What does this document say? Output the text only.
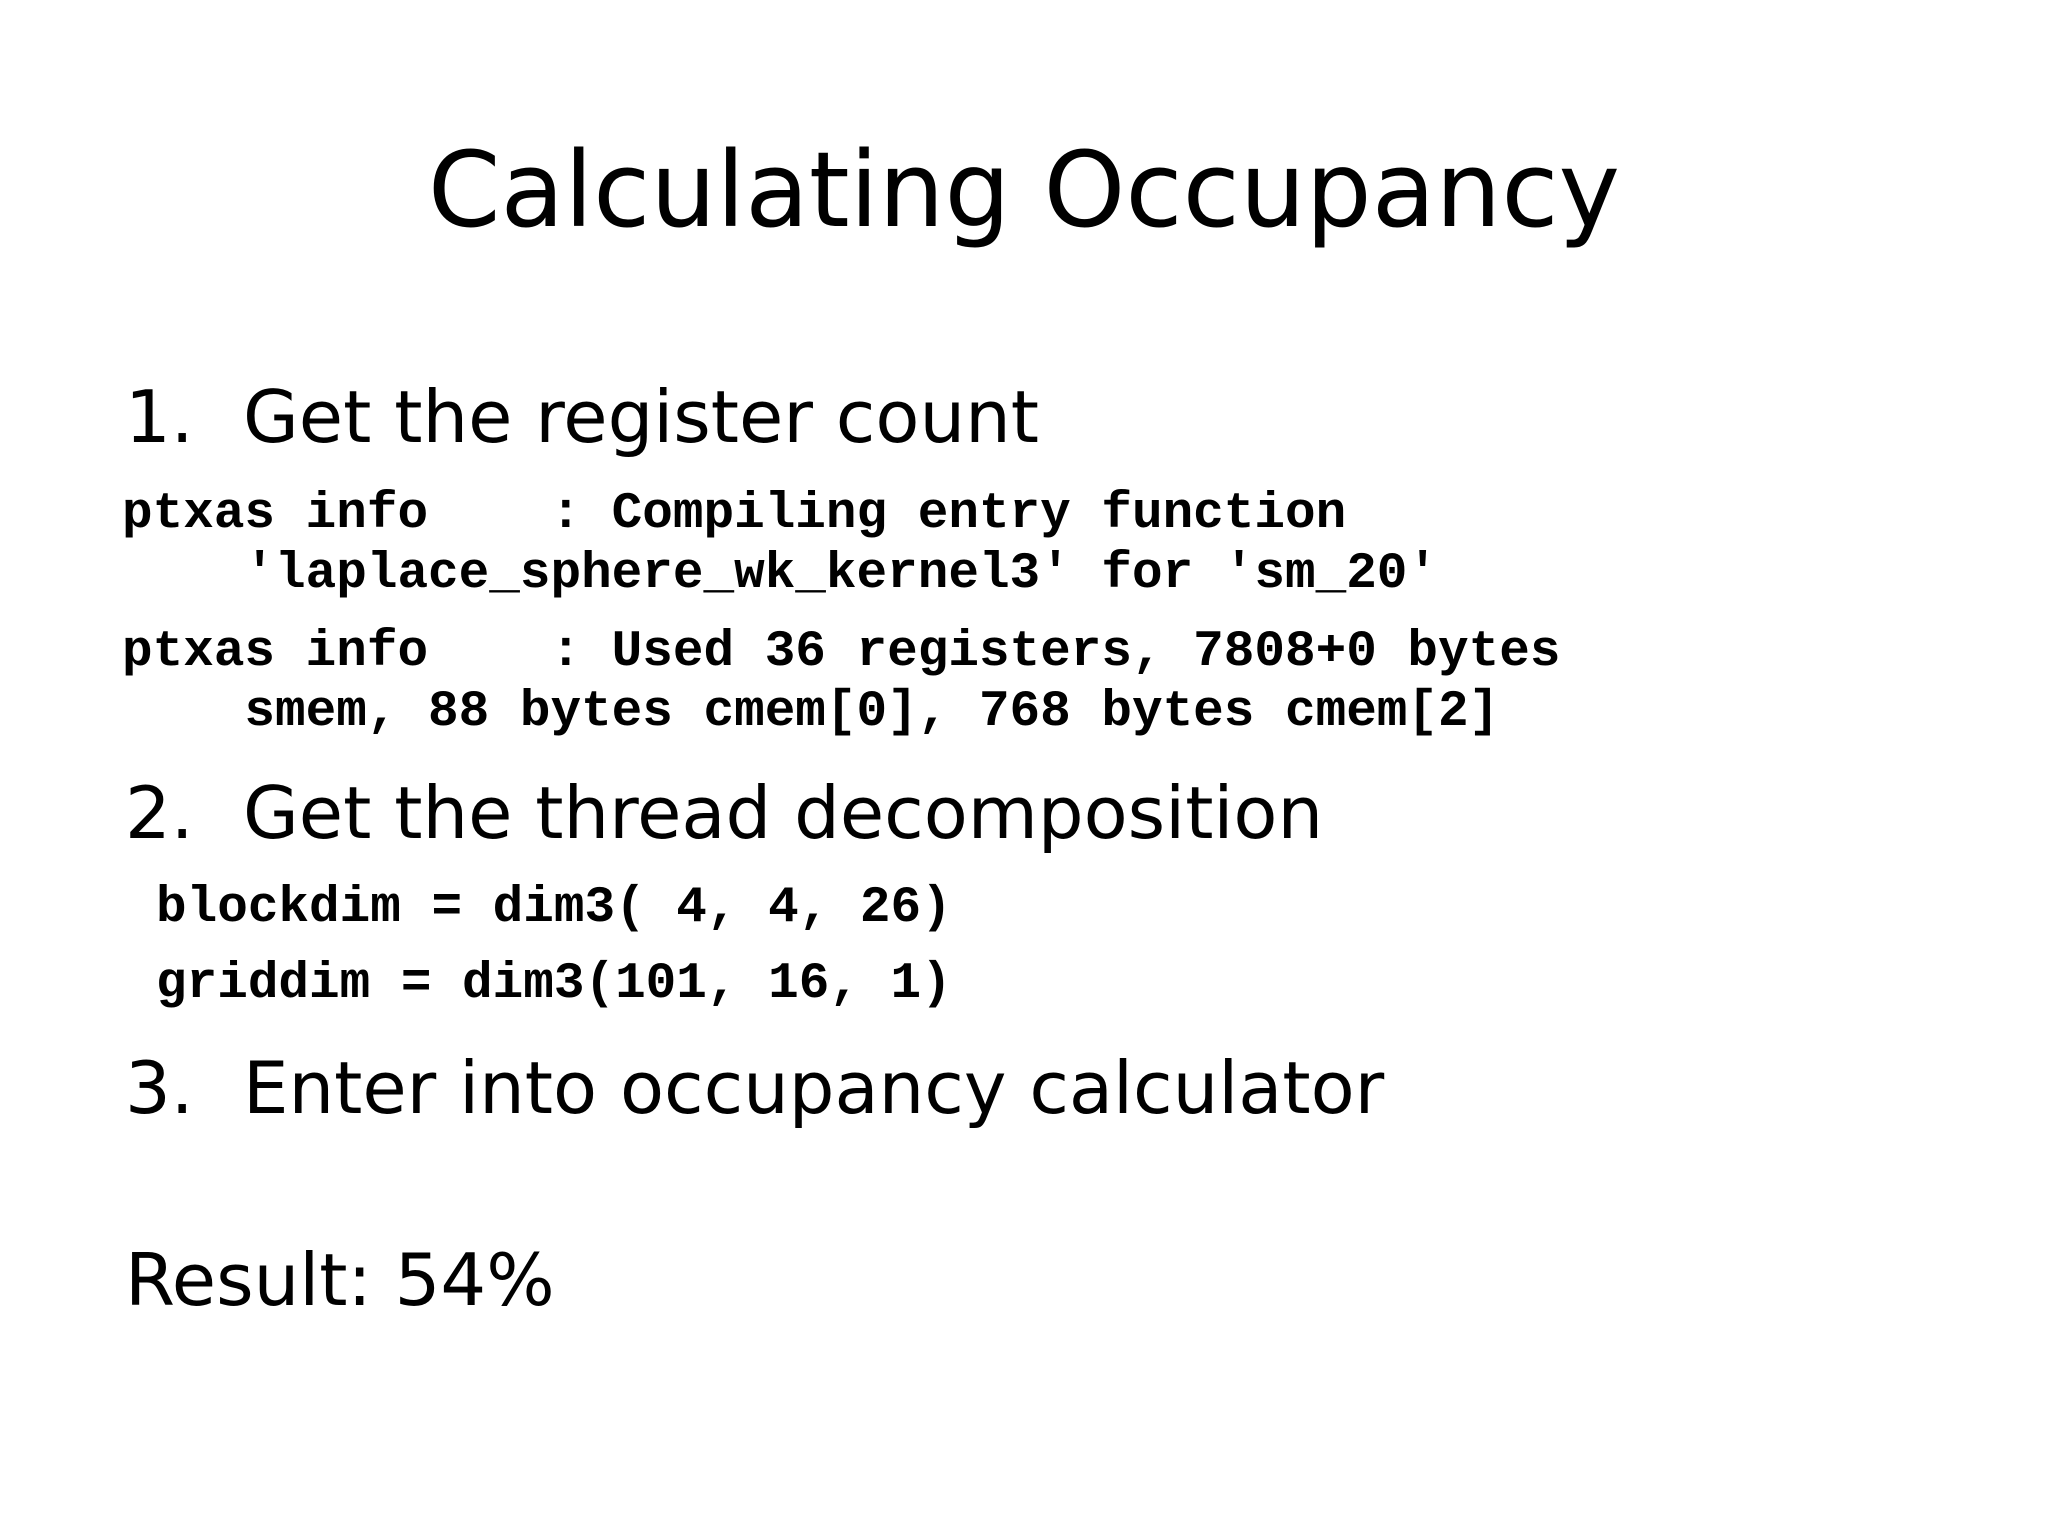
Calculating Occupancy
1. Get the register count
ptxas info    : Compiling entry function
'laplace_sphere_wk_kernel3' for 'sm_20'
ptxas info    : Used 36 registers, 7808+0 bytes
smem, 88 bytes cmem[0], 768 bytes cmem[2]
2. Get the thread decomposition
blockdim = dim3( 4, 4, 26)
griddim = dim3(101, 16, 1)
3. Enter into occupancy calculator
Result: 54%
